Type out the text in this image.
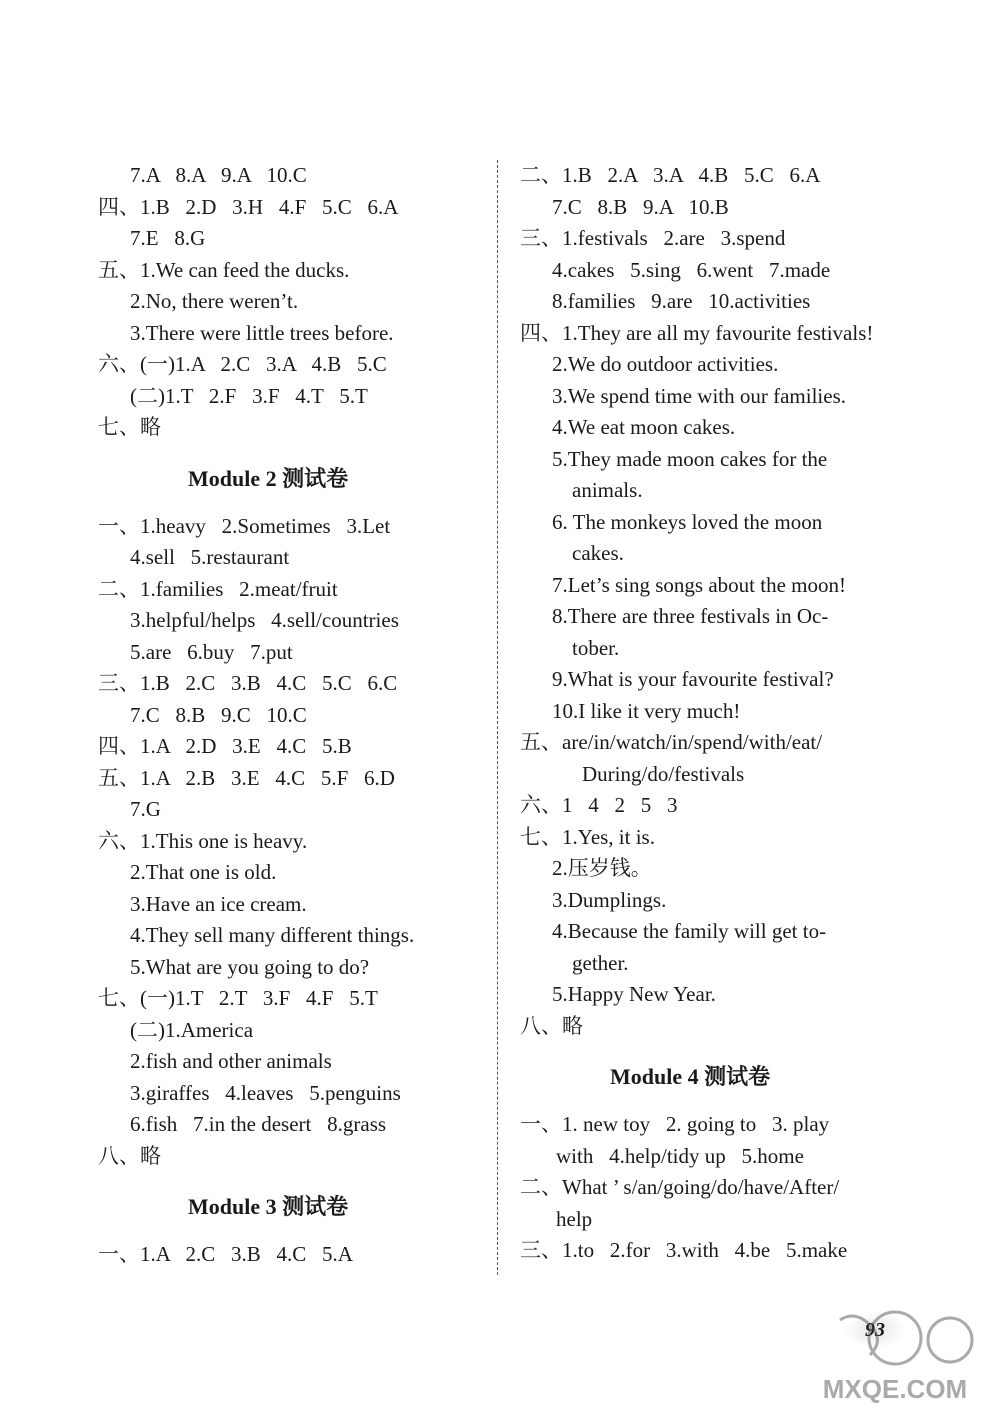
7.A   8.A   9.A   10.C
四、1.B   2.D   3.H   4.F   5.C   6.A
7.E   8.G
五、1.We can feed the ducks.
2.No, there weren’t.
3.There were little trees before.
六、(一)1.A   2.C   3.A   4.B   5.C
(二)1.T   2.F   3.F   4.T   5.T
七、略
Module 2 测试卷
一、1.heavy   2.Sometimes   3.Let
4.sell   5.restaurant
二、1.families   2.meat/fruit
3.helpful/helps   4.sell/countries
5.are   6.buy   7.put
三、1.B   2.C   3.B   4.C   5.C   6.C
7.C   8.B   9.C   10.C
四、1.A   2.D   3.E   4.C   5.B
五、1.A   2.B   3.E   4.C   5.F   6.D
7.G
六、1.This one is heavy.
2.That one is old.
3.Have an ice cream.
4.They sell many different things.
5.What are you going to do?
七、(一)1.T   2.T   3.F   4.F   5.T
(二)1.America
2.fish and other animals
3.giraffes   4.leaves   5.penguins
6.fish   7.in the desert   8.grass
八、略
Module 3 测试卷
一、1.A   2.C   3.B   4.C   5.A
二、1.B   2.A   3.A   4.B   5.C   6.A
7.C   8.B   9.A   10.B
三、1.festivals   2.are   3.spend
4.cakes   5.sing   6.went   7.made
8.families   9.are   10.activities
四、1.They are all my favourite festivals!
2.We do outdoor activities.
3.We spend time with our families.
4.We eat moon cakes.
5.They made moon cakes for the
animals.
6. The monkeys loved the moon
cakes.
7.Let’s sing songs about the moon!
8.There are three festivals in Oc-
tober.
9.What is your favourite festival?
10.I like it very much!
五、are/in/watch/in/spend/with/eat/
During/do/festivals
六、1   4   2   5   3
七、1.Yes, it is.
2.压岁钱。
3.Dumplings.
4.Because the family will get to-
gether.
5.Happy New Year.
八、略
Module 4 测试卷
一、1. new toy   2. going to   3. play
with   4.help/tidy up   5.home
二、What ’ s/an/going/do/have/After/
help
三、1.to   2.for   3.with   4.be   5.make
93
MXQE.COM
